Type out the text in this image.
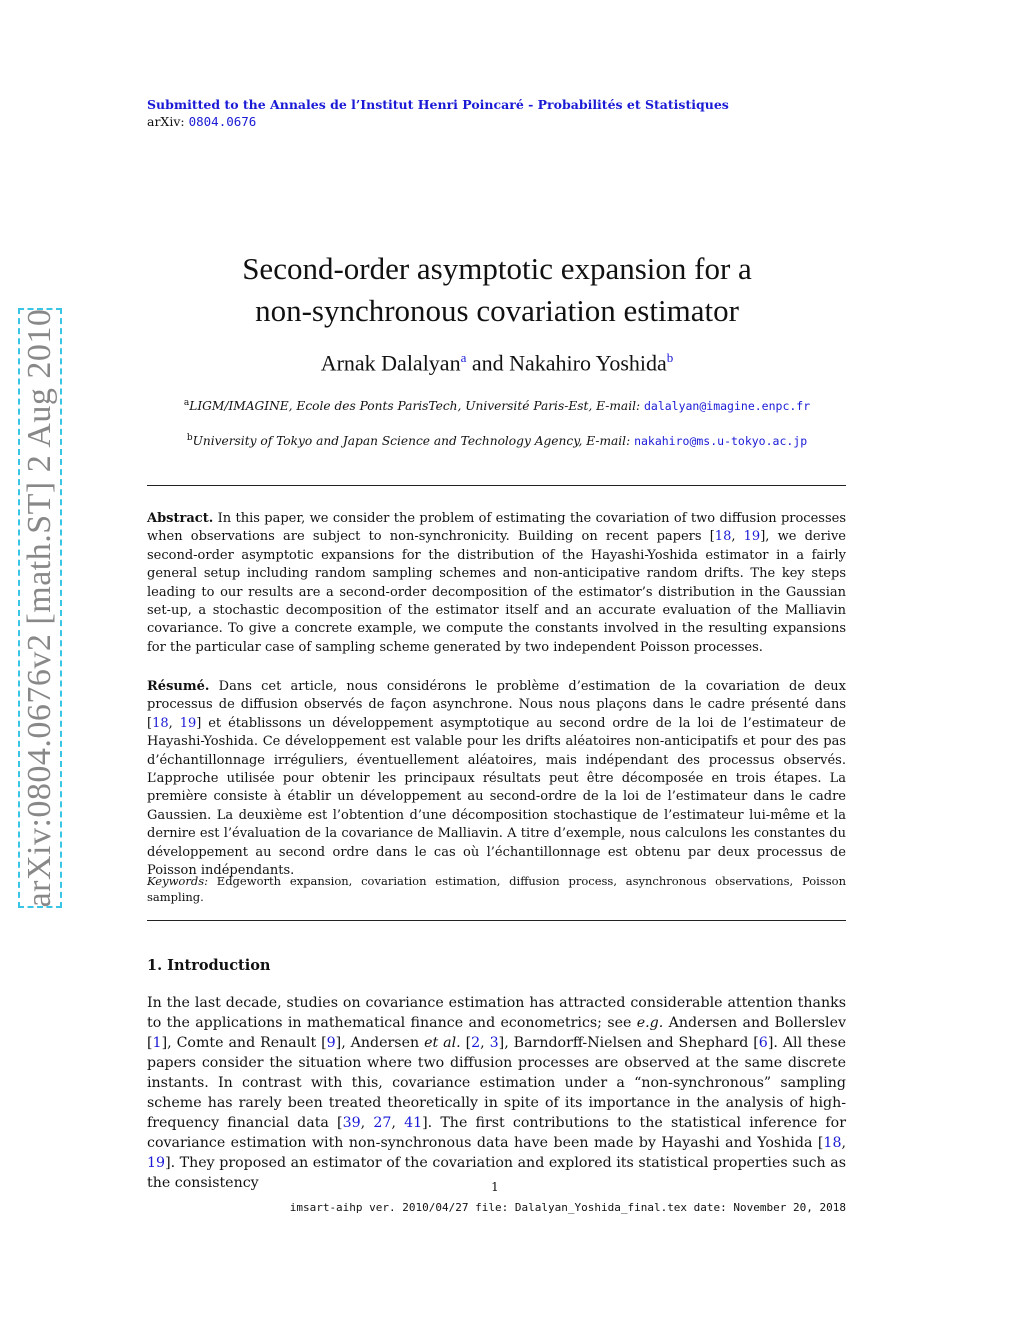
Submitted to the Annales de l’Institut Henri Poincaré - Probabilités et Statistiques
arXiv: 0804.0676
arXiv:0804.0676v2 [math.ST] 2 Aug 2010
Second-order asymptotic expansion for a
non-synchronous covariation estimator
Arnak Dalalyan$^a$ and Nakahiro Yoshida$^b$
$^a$LIGM/IMAGINE, Ecole des Ponts ParisTech, Université Paris-Est, E-mail: dalalyan@imagine.enpc.fr
$^b$University of Tokyo and Japan Science and Technology Agency, E-mail: nakahiro@ms.u-tokyo.ac.jp
Abstract. In this paper, we consider the problem of estimating the covariation of two diffusion processes when observations are subject to non-synchronicity. Building on recent papers [18, 19], we derive second-order asymptotic expansions for the distribution of the Hayashi-Yoshida estimator in a fairly general setup including random sampling schemes and non-anticipative random drifts. The key steps leading to our results are a second-order decomposition of the estimator’s distribution in the Gaussian set-up, a stochastic decomposition of the estimator itself and an accurate evaluation of the Malliavin covariance. To give a concrete example, we compute the constants involved in the resulting expansions for the particular case of sampling scheme generated by two independent Poisson processes.
Résumé. Dans cet article, nous considérons le problème d’estimation de la covariation de deux processus de diffusion observés de façon asynchrone. Nous nous plaçons dans le cadre présenté dans [18, 19] et établissons un développement asymptotique au second ordre de la loi de l’estimateur de Hayashi-Yoshida. Ce développement est valable pour les drifts aléatoires non-anticipatifs et pour des pas d’échantillonnage irréguliers, éventuellement aléatoires, mais indépendant des processus observés. L’approche utilisée pour obtenir les principaux résultats peut être décomposée en trois étapes. La première consiste à établir un développement au second-ordre de la loi de l’estimateur dans le cadre Gaussien. La deuxième est l’obtention d’une décomposition stochastique de l’estimateur lui-même et la dernire est l’évaluation de la covariance de Malliavin. A titre d’exemple, nous calculons les constantes du développement au second ordre dans le cas où l’échantillonnage est obtenu par deux processus de Poisson indépendants.
Keywords: Edgeworth expansion, covariation estimation, diffusion process, asynchronous observations, Poisson sampling.
1. Introduction
In the last decade, studies on covariance estimation has attracted considerable attention thanks to the applications in mathematical finance and econometrics; see e.g. Andersen and Bollerslev [1], Comte and Renault [9], Andersen et al. [2, 3], Barndorff-Nielsen and Shephard [6]. All these papers consider the situation where two diffusion processes are observed at the same discrete instants. In contrast with this, covariance estimation under a “non-synchronous” sampling scheme has rarely been treated theoretically in spite of its importance in the analysis of high-frequency financial data [39, 27, 41]. The first contributions to the statistical inference for covariance estimation with non-synchronous data have been made by Hayashi and Yoshida [18, 19]. They proposed an estimator of the covariation and explored its statistical properties such as the consistency	1
imsart-aihp ver. 2010/04/27 file: Dalalyan_Yoshida_final.tex date: November 20, 2018
